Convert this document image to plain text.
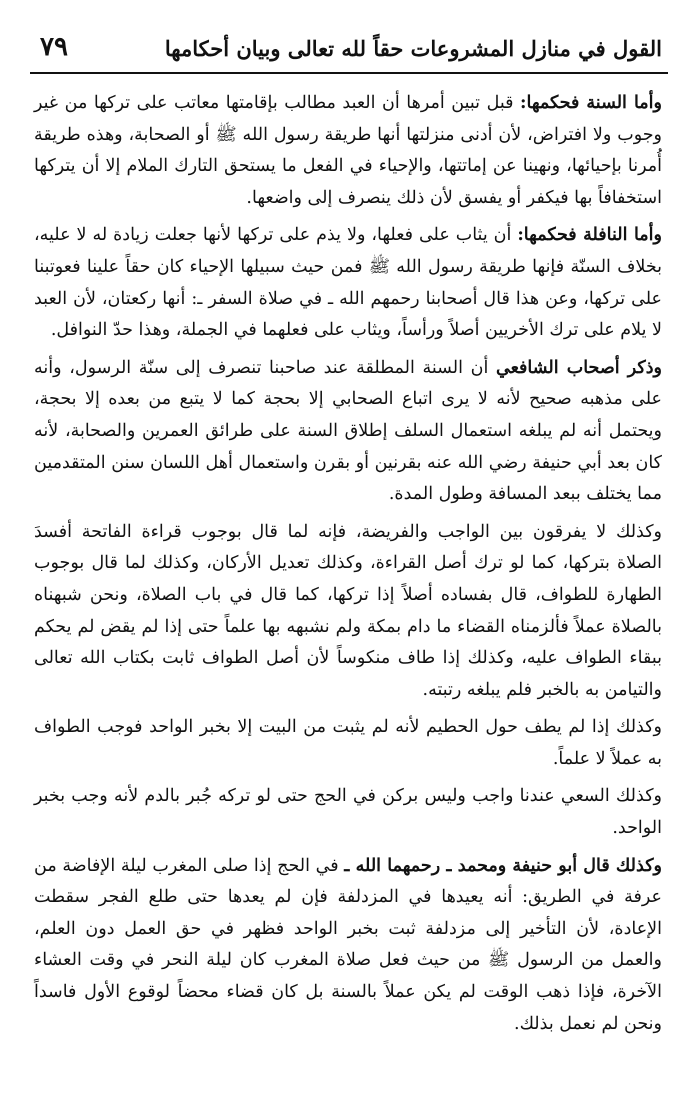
القول في منازل المشروعات حقاً لله تعالى وبيان أحكامها
٧٩

وأما السنة فحكمها: قبل تبين أمرها أن العبد مطالب بإقامتها معاتب على تركها من غير وجوب ولا افتراض، لأن أدنى منزلتها أنها طريقة رسول الله ﷺ أو الصحابة، وهذه طريقة أُمرنا بإحيائها، ونهينا عن إماتتها، والإحياء في الفعل ما يستحق التارك الملام إلا أن يتركها استخفافاً بها فيكفر أو يفسق لأن ذلك ينصرف إلى واضعها.

وأما النافلة فحكمها: أن يثاب على فعلها، ولا يذم على تركها لأنها جعلت زيادة له لا عليه، بخلاف السنّة فإنها طريقة رسول الله ﷺ فمن حيث سبيلها الإحياء كان حقاً علينا فعوتبنا على تركها، وعن هذا قال أصحابنا رحمهم الله ـ في صلاة السفر ـ: أنها ركعتان، لأن العبد لا يلام على ترك الأخريين أصلاً ورأساً، ويثاب على فعلهما في الجملة، وهذا حدّ النوافل.

وذكر أصحاب الشافعي أن السنة المطلقة عند صاحبنا تنصرف إلى سنّة الرسول، وأنه على مذهبه صحيح لأنه لا يرى اتباع الصحابي إلا بحجة كما لا يتبع من بعده إلا بحجة، ويحتمل أنه لم يبلغه استعمال السلف إطلاق السنة على طرائق العمرين والصحابة، لأنه كان بعد أبي حنيفة رضي الله عنه بقرنين أو بقرن واستعمال أهل اللسان سنن المتقدمين مما يختلف ببعد المسافة وطول المدة.

وكذلك لا يفرقون بين الواجب والفريضة، فإنه لما قال بوجوب قراءة الفاتحة أفسدَ الصلاة بتركها، كما لو ترك أصل القراءة، وكذلك تعديل الأركان، وكذلك لما قال بوجوب الطهارة للطواف، قال بفساده أصلاً إذا تركها، كما قال في باب الصلاة، ونحن شبهناه بالصلاة عملاً فألزمناه القضاء ما دام بمكة ولم نشبهه بها علماً حتى إذا لم يقض لم يحكم ببقاء الطواف عليه، وكذلك إذا طاف منكوساً لأن أصل الطواف ثابت بكتاب الله تعالى والتيامن به بالخبر فلم يبلغه رتبته.

وكذلك إذا لم يطف حول الحطيم لأنه لم يثبت من البيت إلا بخبر الواحد فوجب الطواف به عملاً لا علماً.

وكذلك السعي عندنا واجب وليس بركن في الحج حتى لو تركه جُبر بالدم لأنه وجب بخبر الواحد.

وكذلك قال أبو حنيفة ومحمد ـ رحمهما الله ـ في الحج إذا صلى المغرب ليلة الإفاضة من عرفة في الطريق: أنه يعيدها في المزدلفة فإن لم يعدها حتى طلع الفجر سقطت الإعادة، لأن التأخير إلى مزدلفة ثبت بخبر الواحد فظهر في حق العمل دون العلم، والعمل من الرسول ﷺ من حيث فعل صلاة المغرب كان ليلة النحر في وقت العشاء الآخرة، فإذا ذهب الوقت لم يكن عملاً بالسنة بل كان قضاء محضاً لوقوع الأول فاسداً ونحن لم نعمل بذلك.
